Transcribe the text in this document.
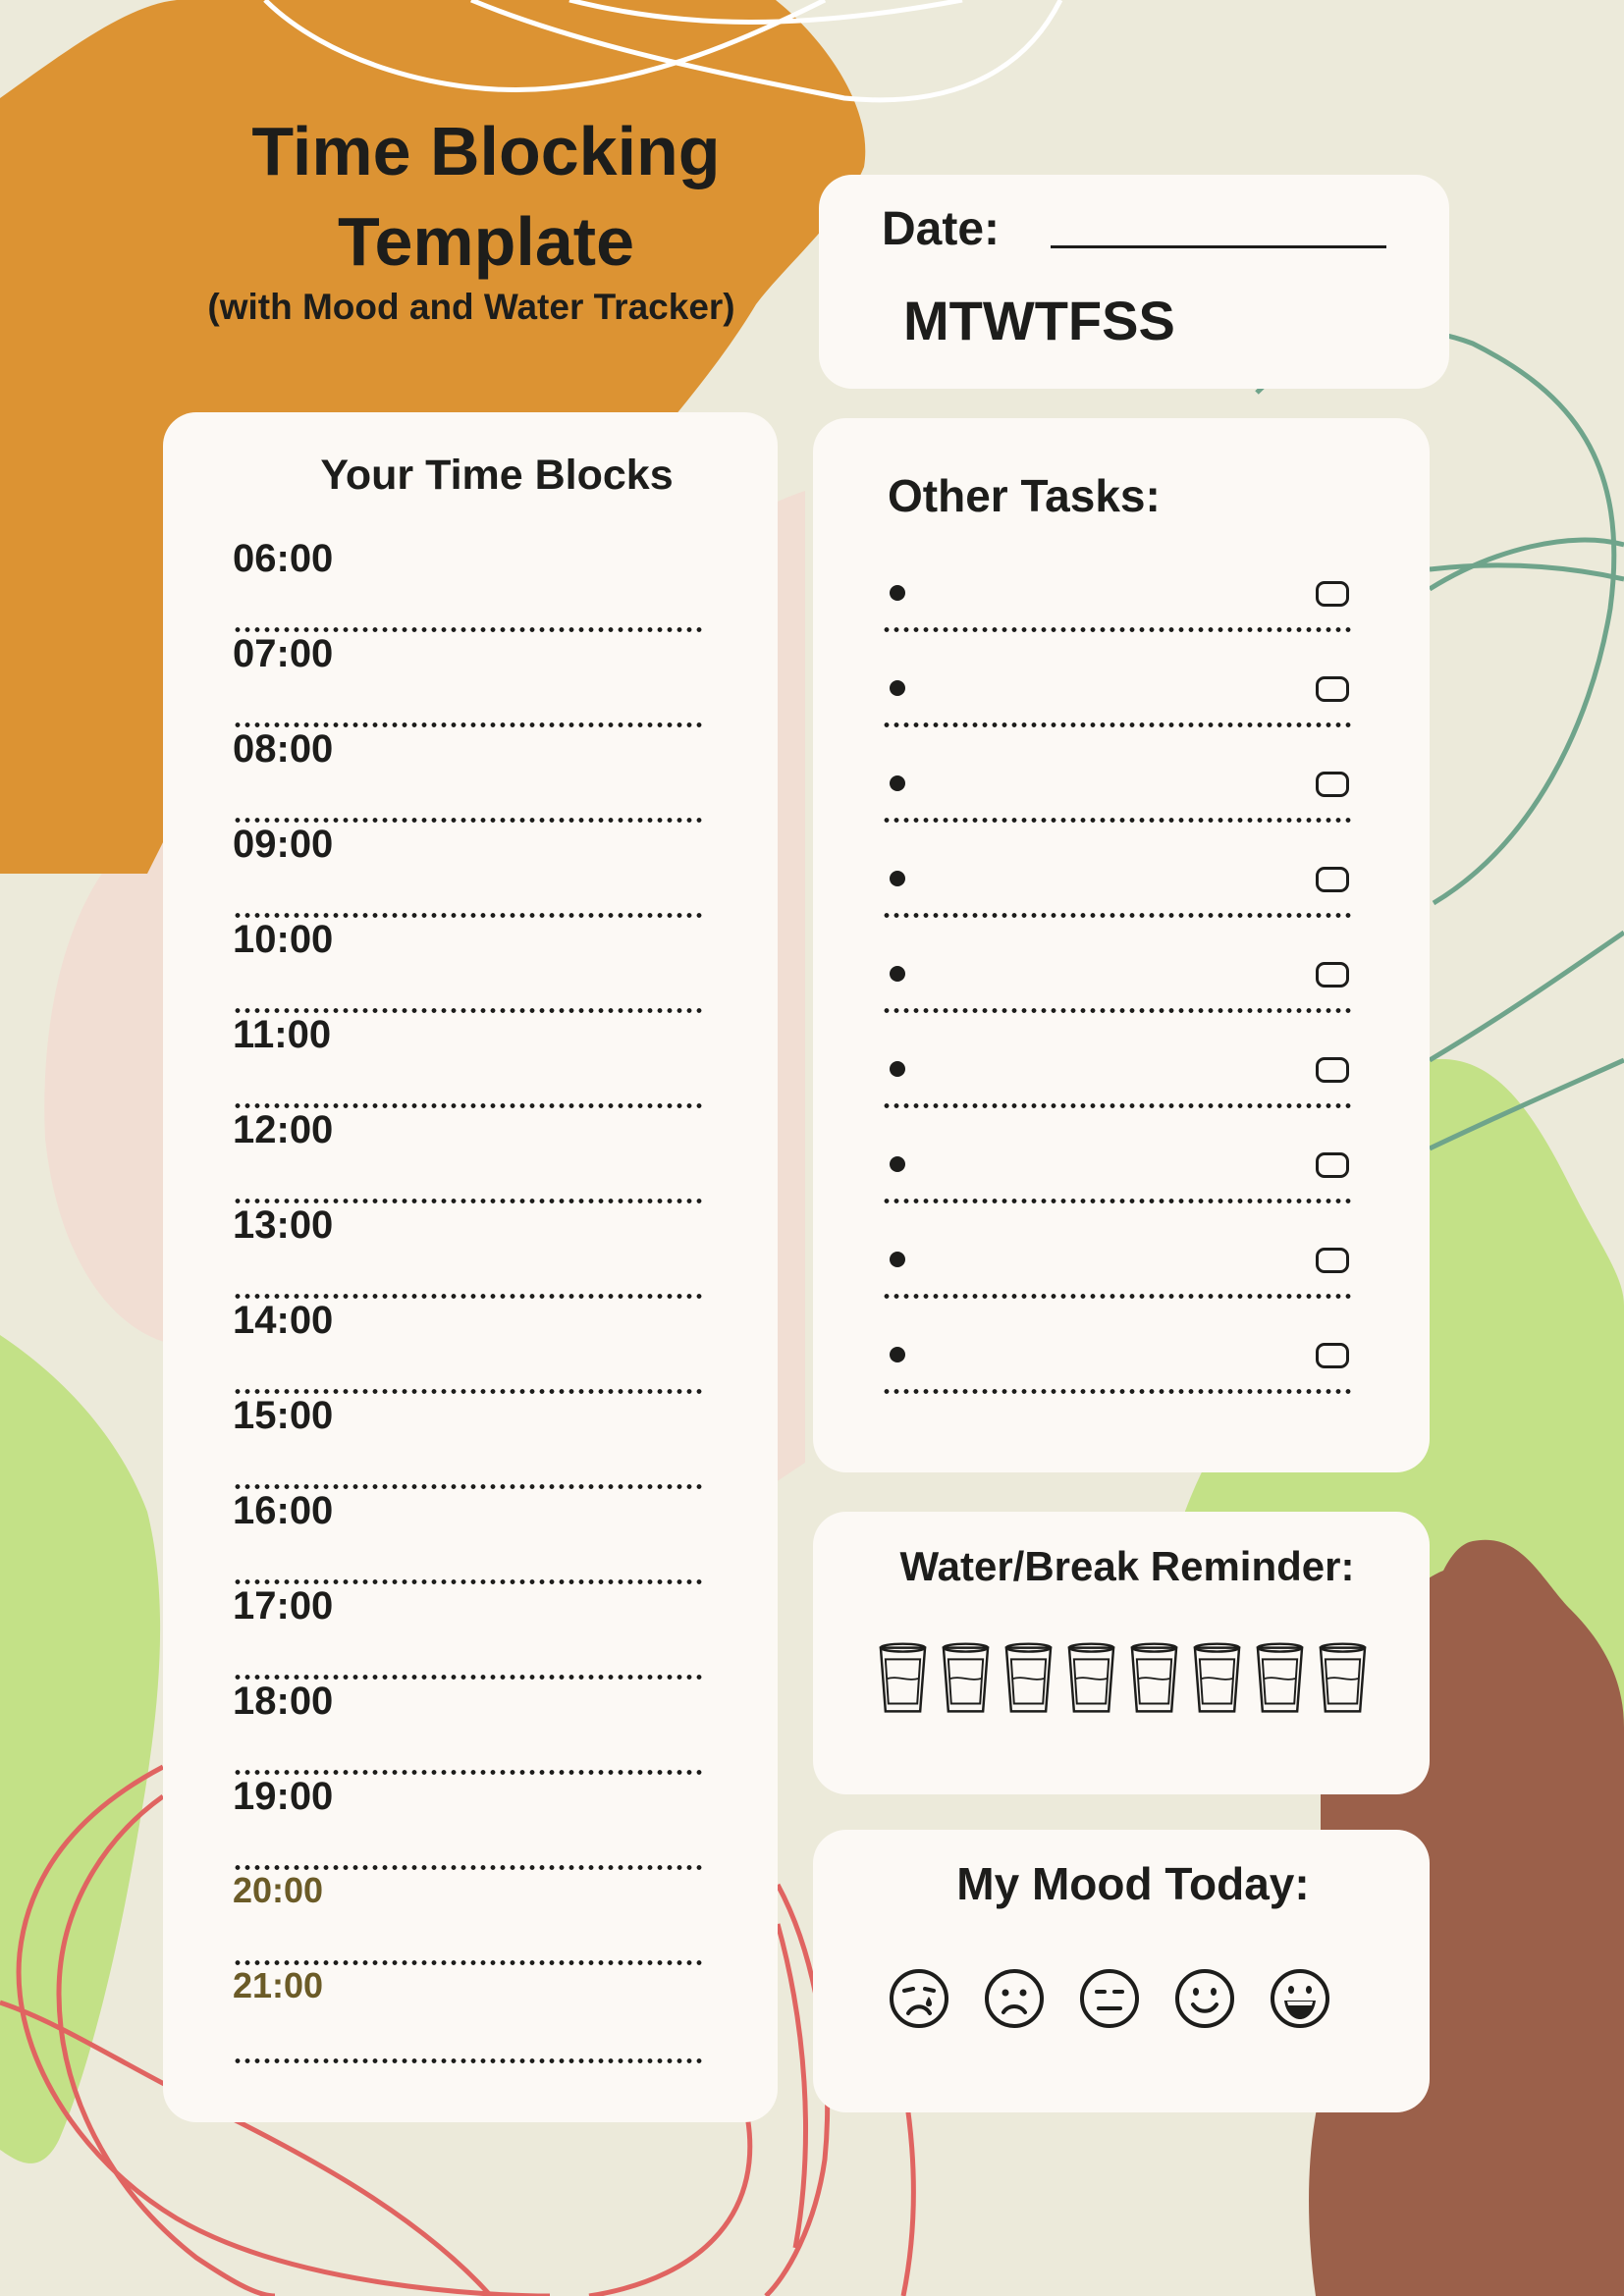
Time Blocking
Template
(with Mood and Water Tracker)
Date:
MTWTFSS
Your Time Blocks
06:00
07:00
08:00
09:00
10:00
11:00
12:00
13:00
14:00
15:00
16:00
17:00
18:00
19:00
20:00
21:00
Other Tasks:
Water/Break Reminder:
My Mood Today:
